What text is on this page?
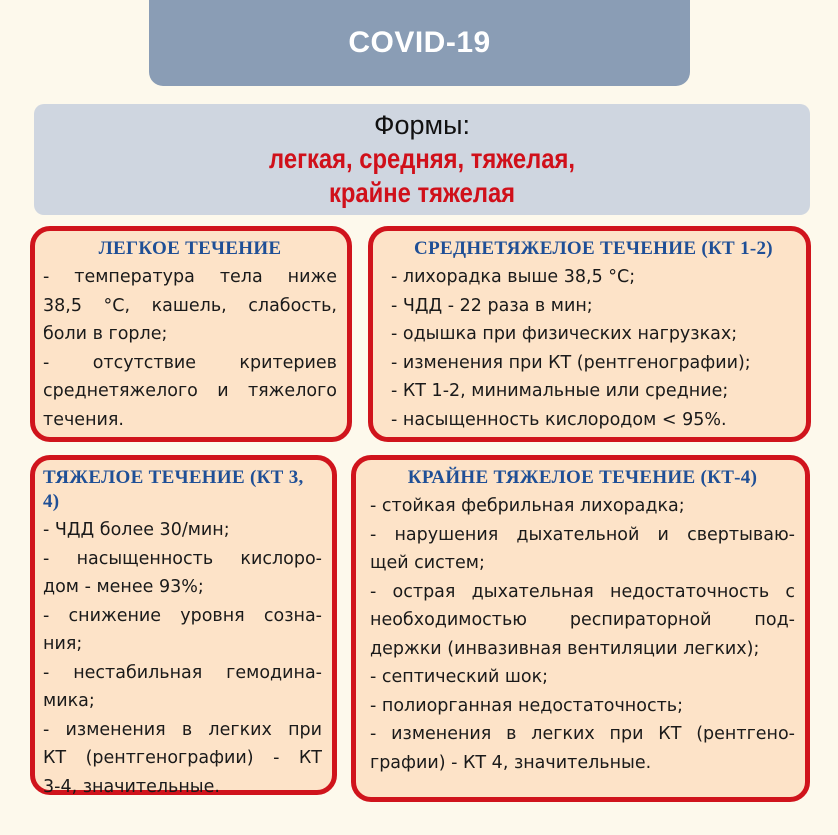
COVID-19
Формы:
легкая, средняя, тяжелая,
крайне тяжелая
ЛЕГКОЕ ТЕЧЕНИЕ
- температура тела ниже
38,5 °С, кашель, слабость,
боли в горле;
- отсутствие критериев
среднетяжелого и тяжелого
течения.
СРЕДНЕТЯЖЕЛОЕ ТЕЧЕНИЕ (КТ 1-2)
- лихорадка выше 38,5 °С;
- ЧДД - 22 раза в мин;
- одышка при физических нагрузках;
- изменения при КТ (рентгенографии);
- КТ 1-2, минимальные или средние;
- насыщенность кислородом < 95%.
ТЯЖЕЛОЕ ТЕЧЕНИЕ (КТ 3, 4)
- ЧДД более 30/мин;
- насыщенность кислоро-
дом - менее 93%;
- снижение уровня созна-
ния;
- нестабильная гемодина-
мика;
- изменения в легких при
КТ (рентгенографии) - КТ
3-4, значительные.
КРАЙНЕ ТЯЖЕЛОЕ ТЕЧЕНИЕ (КТ-4)
- стойкая фебрильная лихорадка;
- нарушения дыхательной и свертываю-
щей систем;
- острая дыхательная недостаточность с
необходимостью респираторной под-
держки (инвазивная вентиляции легких);
- септический шок;
- полиорганная недостаточность;
- изменения в легких при КТ (рентгено-
графии) - КТ 4, значительные.
